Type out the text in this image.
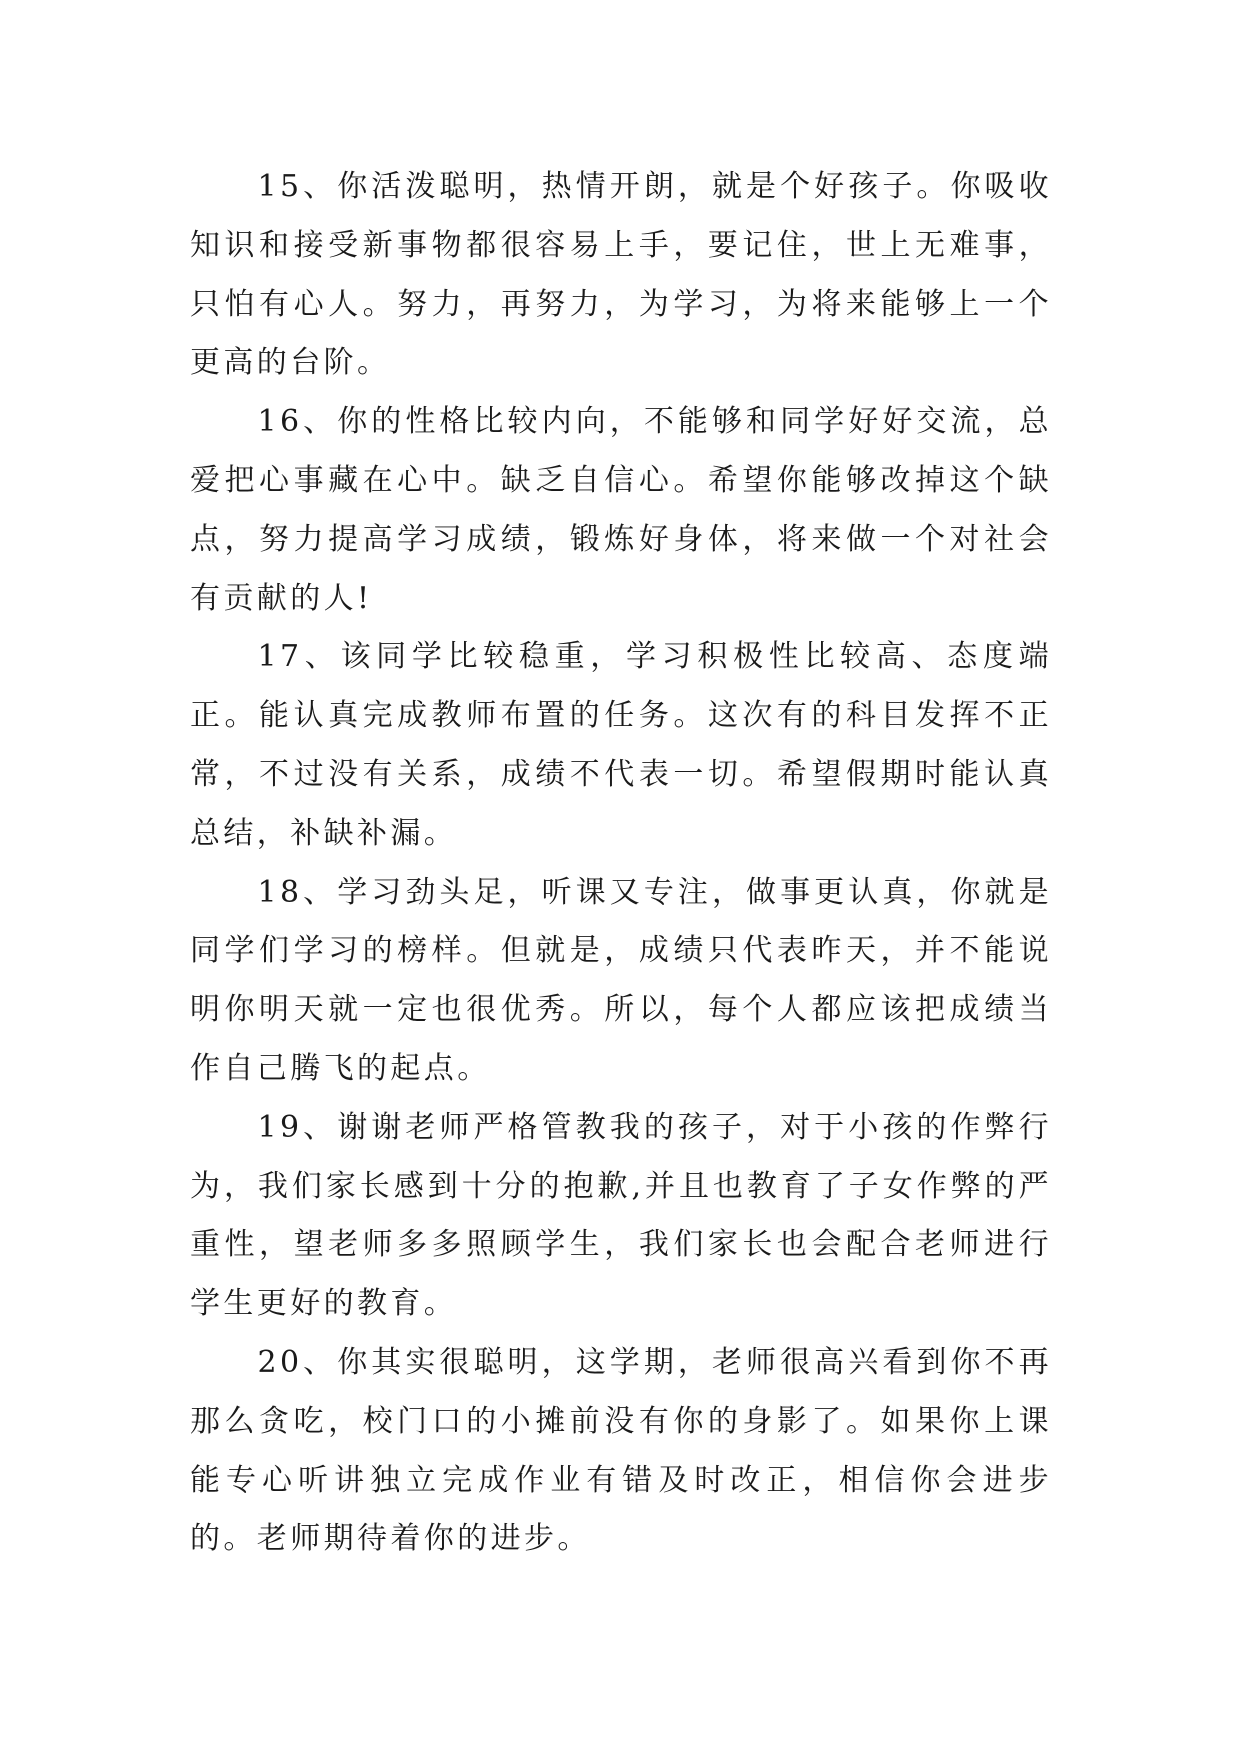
15、你活泼聪明，热情开朗，就是个好孩子。你吸收知识和接受新事物都很容易上手，要记住，世上无难事，只怕有心人。努力，再努力，为学习，为将来能够上一个更高的台阶。

16、你的性格比较内向，不能够和同学好好交流，总爱把心事藏在心中。缺乏自信心。希望你能够改掉这个缺点，努力提高学习成绩，锻炼好身体，将来做一个对社会有贡献的人!

17、该同学比较稳重，学习积极性比较高、态度端正。能认真完成教师布置的任务。这次有的科目发挥不正常，不过没有关系，成绩不代表一切。希望假期时能认真总结，补缺补漏。

18、学习劲头足，听课又专注，做事更认真，你就是同学们学习的榜样。但就是，成绩只代表昨天，并不能说明你明天就一定也很优秀。所以，每个人都应该把成绩当作自己腾飞的起点。

19、谢谢老师严格管教我的孩子，对于小孩的作弊行为，我们家长感到十分的抱歉,并且也教育了子女作弊的严重性，望老师多多照顾学生，我们家长也会配合老师进行学生更好的教育。

20、你其实很聪明，这学期，老师很高兴看到你不再那么贪吃，校门口的小摊前没有你的身影了。如果你上课能专心听讲独立完成作业有错及时改正，相信你会进步的。老师期待着你的进步。
